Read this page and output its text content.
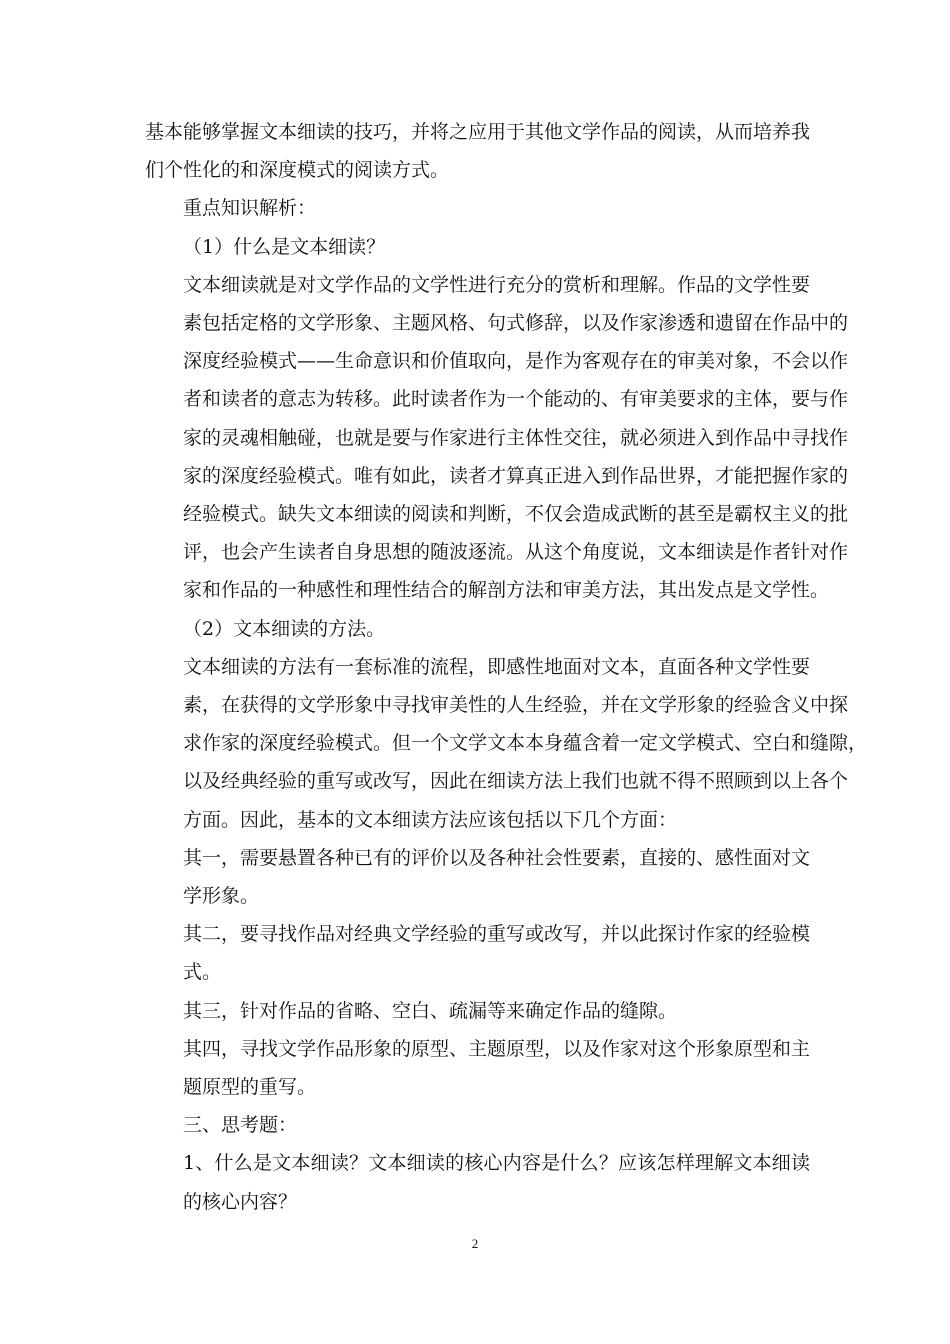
基本能够掌握文本细读的技巧，并将之应用于其他文学作品的阅读，从而培养我
们个性化的和深度模式的阅读方式。
重点知识解析：
（1）什么是文本细读？
文本细读就是对文学作品的文学性进行充分的赏析和理解。作品的文学性要
素包括定格的文学形象、主题风格、句式修辞，以及作家渗透和遗留在作品中的
深度经验模式——生命意识和价值取向，是作为客观存在的审美对象，不会以作
者和读者的意志为转移。此时读者作为一个能动的、有审美要求的主体，要与作
家的灵魂相触碰，也就是要与作家进行主体性交往，就必须进入到作品中寻找作
家的深度经验模式。唯有如此，读者才算真正进入到作品世界，才能把握作家的
经验模式。缺失文本细读的阅读和判断，不仅会造成武断的甚至是霸权主义的批
评，也会产生读者自身思想的随波逐流。从这个角度说，文本细读是作者针对作
家和作品的一种感性和理性结合的解剖方法和审美方法，其出发点是文学性。
（2）文本细读的方法。
文本细读的方法有一套标准的流程，即感性地面对文本，直面各种文学性要
素，在获得的文学形象中寻找审美性的人生经验，并在文学形象的经验含义中探
求作家的深度经验模式。但一个文学文本本身蕴含着一定文学模式、空白和缝隙，
以及经典经验的重写或改写，因此在细读方法上我们也就不得不照顾到以上各个
方面。因此，基本的文本细读方法应该包括以下几个方面：
其一，需要悬置各种已有的评价以及各种社会性要素，直接的、感性面对文
学形象。
其二，要寻找作品对经典文学经验的重写或改写，并以此探讨作家的经验模
式。
其三，针对作品的省略、空白、疏漏等来确定作品的缝隙。
其四，寻找文学作品形象的原型、主题原型，以及作家对这个形象原型和主
题原型的重写。
三、思考题：
1、什么是文本细读？文本细读的核心内容是什么？应该怎样理解文本细读
的核心内容？
2
